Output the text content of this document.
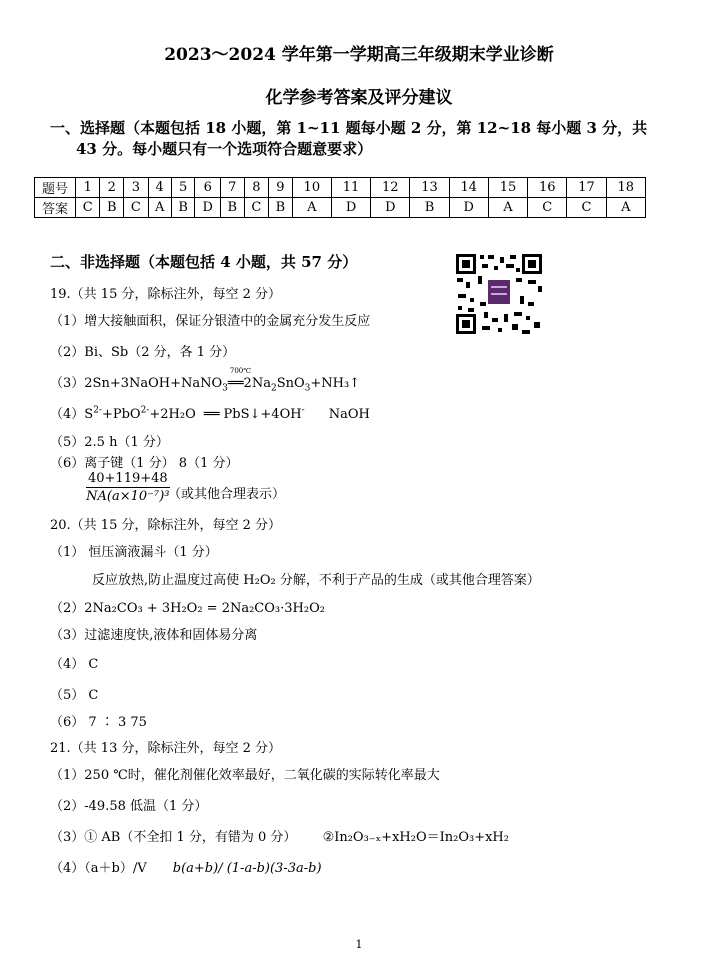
2023～2024 学年第一学期高三年级期末学业诊断
化学参考答案及评分建议
一、选择题（本题包括 18 小题，第 1~11 题每小题 2 分，第 12~18 每小题 3 分，共
43 分。每小题只有一个选项符合题意要求）
题号	1	2	3	4	5	6	7	8	9	10	11	12	13	14	15	16	17	18
答案	C	B	C	A	B	D	B	C	B	A	D	D	B	D	A	C	C	A
二、非选择题（本题包括 4 小题，共 57 分）
19.（共 15 分，除标注外，每空 2 分）
（1）增大接触面积，保证分银渣中的金属充分发生反应
（2）Bi、Sb（2 分，各 1 分）
（3）2Sn+3NaOH+NaNO$_3$
700℃
$══2Na_2SnO_3+NH_3↑$
$(4)S^{2-}+PbO^{2-}+2H_2O$ ══ PbS↓+4OH- NaOH
（5）2.5 h（1 分）
（6）离子键（1 分） 8（1 分）
$\frac{40+119+48}{\text{NA(a×10⁻⁷)³}}$
（或其他合理表示）
20.（共 15 分，除标注外，每空 2 分）
（1） 恒压滴液漏斗（1 分）
反应放热,防止温度过高使 H₂O₂ 分解，不利于产品的生成（或其他合理答案）
（2）2Na₂CO₃ + 3H₂O₂ = 2Na₂CO₃·3H₂O₂
（3）过滤速度快,液体和固体易分离
（4） C
（5） C
（6） 7 ∶ 3 75
21.（共 13 分，除标注外，每空 2 分）
（1）250 ℃时，催化剂催化效率最好，二氧化碳的实际转化率最大
（2）-49.58 低温（1 分）
（3）① AB（不全扣 1 分，有错为 0 分） ②In₂O₃₋ₓ+xH₂O＝In₂O₃+xH₂
（4）（a＋b）/V b(a+b)/ (1-a-b)(3-3a-b)
1
